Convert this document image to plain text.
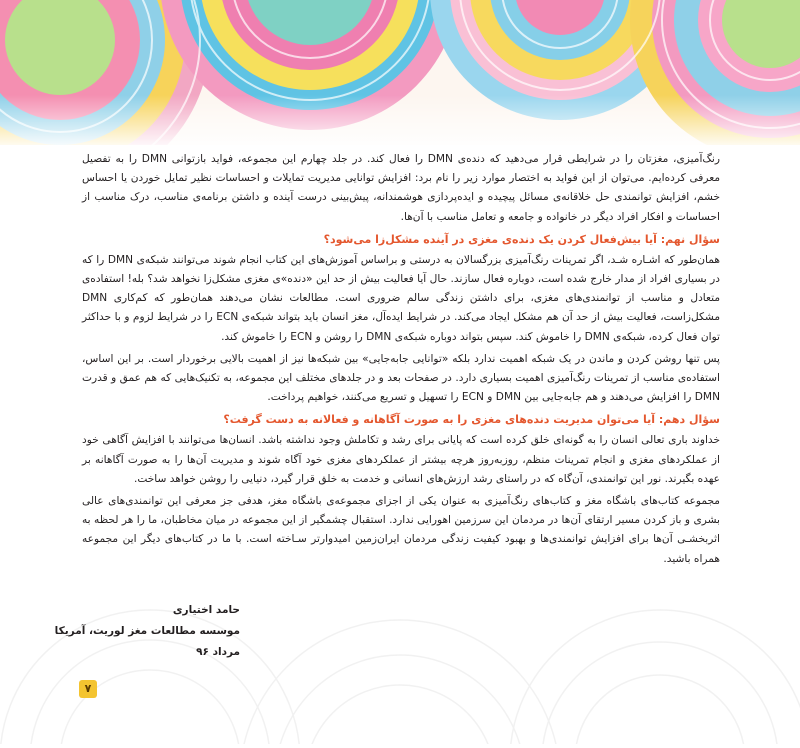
رنگ‌آمیزی، مغزتان را در شرایطی قرار می‌دهید که دنده‌ی DMN را فعال کند. در جلد چهارم این مجموعه، فواید بازتوانی DMN را به تفصیل معرفی کرده‌ایم. می‌توان از این فواید به اختصار موارد زیر را نام برد: افزایش توانایی مدیریت تمایلات و احساسات نظیر تمایل خوردن یا احساس خشم، افزایش توانمندی حل خلاقانه‌ی مسائل پیچیده و ایده‌پردازی هوشمندانه، پیش‌بینی درست آینده و داشتن برنامه‌ی مناسب، درک مناسب از احساسات و افکار افراد دیگر در خانواده و جامعه و تعامل مناسب با آن‌ها.

سؤال نهم: آیا بیش‌فعال کردن یک دنده‌ی مغزی در آینده مشکل‌زا می‌شود؟

همان‌طور که اشـاره شـد، اگر تمرینات رنگ‌آمیزی بزرگسالان به درستی و براساس آموزش‌های این کتاب انجام شوند می‌توانند شبکه‌ی DMN را که در بسیاری افراد از مدار خارج شده است، دوباره فعال سازند. حال آیا فعالیت بیش از حد این «دنده»ی مغزی مشکل‌زا نخواهد شد؟ بله! استفاده‌ی متعادل و مناسب از توانمندی‌های مغزی، برای داشتن زندگی سالم ضروری است. مطالعات نشان می‌دهند همان‌طور که کم‌کاری DMN مشکل‌زاست، فعالیت بیش از حد آن هم مشکل ایجاد می‌کند. در شرایط ایده‌آل، مغز انسان باید بتواند شبکه‌ی ECN را در شرایط لزوم و با حداکثر توان فعال کرده، شبکه‌ی DMN را خاموش کند. سپس بتواند دوباره شبکه‌ی DMN را روشن و ECN را خاموش کند.

پس تنها روشن کردن و ماندن در یک شبکه اهمیت ندارد بلکه «توانایی جابه‌جایی» بین شبکه‌ها نیز از اهمیت بالایی برخوردار است. بر این اساس، استفاده‌ی مناسب از تمرینات رنگ‌آمیزی اهمیت بسیاری دارد. در صفحات بعد و در جلدهای مختلف این مجموعه، به تکنیک‌هایی که هم عمق و قدرت DMN را افزایش می‌دهند و هم جابه‌جایی بین DMN و ECN را تسهیل و تسریع می‌کنند، خواهیم پرداخت.

سؤال دهم: آیا می‌توان مدیریت دنده‌های مغزی را به صورت آگاهانه و فعالانه به دست گرفت؟

خداوند باری تعالی انسان را به گونه‌ای خلق کرده است که پایانی برای رشد و تکاملش وجود نداشته باشد. انسان‌ها می‌توانند با افزایش آگاهی خود از عملکردهای مغزی و انجام تمرینات منظم، روزبه‌روز هرچه بیشتر از عملکردهای مغزی خود آگاه شوند و مدیریت آن‌ها را به صورت آگاهانه بر عهده بگیرند. نور این توانمندی، آن‌گاه که در راستای رشد ارزش‌های انسانی و خدمت به خلق قرار گیرد، دنیایی را روشن خواهد ساخت.

مجموعه کتاب‌های باشگاه مغز و کتاب‌های رنگ‌آمیزی به عنوان یکی از اجزای مجموعه‌ی باشگاه مغز، هدفی جز معرفی این توانمندی‌های عالی بشری و باز کردن مسیر ارتقای آن‌ها در مردمان این سرزمین اهورایی ندارد. استقبال چشمگیر از این مجموعه در میان مخاطبان، ما را هر لحظه به اثربخشـی آن‌ها برای افزایش توانمندی‌ها و بهبود کیفیت زندگی مردمان ایران‌زمین امیدوارتر سـاخته است. با ما در کتاب‌های دیگر این مجموعه همراه باشید.

حامد اختیاری
موسسه مطالعات مغز لوریت، آمریکا
مرداد ۹۶
۷
